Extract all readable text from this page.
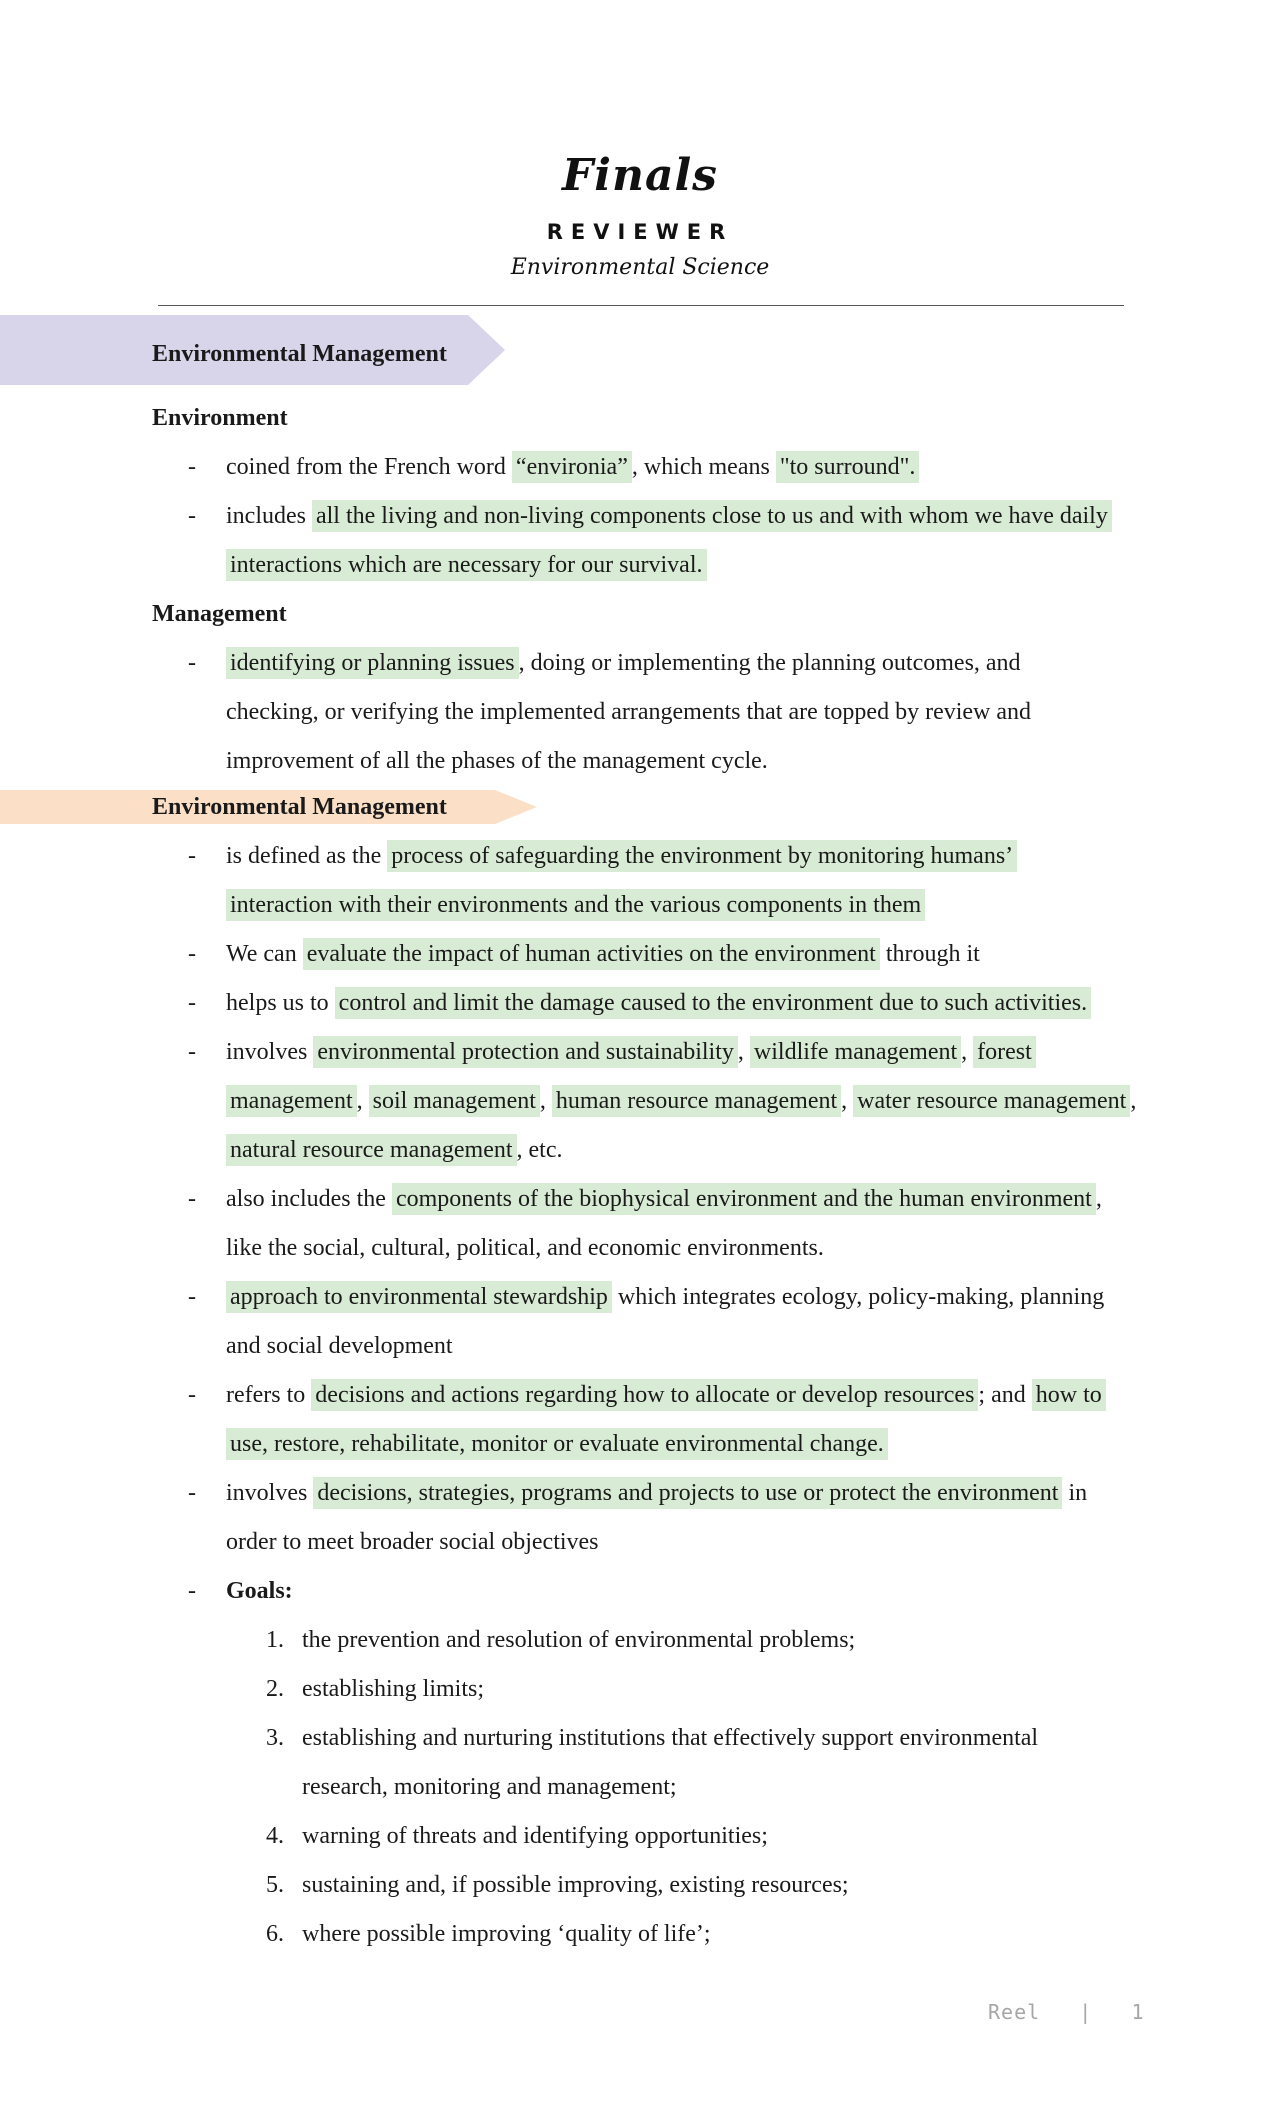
Finals
REVIEWER
Environmental Science
Environmental Management
Environment
- coined from the French word “environia” , which means "to surround".
- includes all the living and non-living components close to us and with whom we have daily
interactions which are necessary for our survival.
Management
- identifying or planning issues , doing or implementing the planning outcomes, and
checking, or verifying the implemented arrangements that are topped by review and
improvement of all the phases of the management cycle.
Environmental Management
- is defined as the process of safeguarding the environment by monitoring humans’
interaction with their environments and the various components in them
- We can evaluate the impact of human activities on the environment through it
- helps us to control and limit the damage caused to the environment due to such activities.
- involves environmental protection and sustainability , wildlife management , forest
management , soil management , human resource management , water resource management ,
natural resource management , etc.
- also includes the components of the biophysical environment and the human environment ,
like the social, cultural, political, and economic environments.
- approach to environmental stewardship which integrates ecology, policy-making, planning
and social development
- refers to decisions and actions regarding how to allocate or develop resources ; and how to
use, restore, rehabilitate, monitor or evaluate environmental change.
- involves decisions, strategies, programs and projects to use or protect the environment in
order to meet broader social objectives
- Goals:
1. the prevention and resolution of environmental problems;
2. establishing limits;
3. establishing and nurturing institutions that effectively support environmental
research, monitoring and management;
4. warning of threats and identifying opportunities;
5. sustaining and, if possible improving, existing resources;
6. where possible improving ‘quality of life’;
Reel | 1
